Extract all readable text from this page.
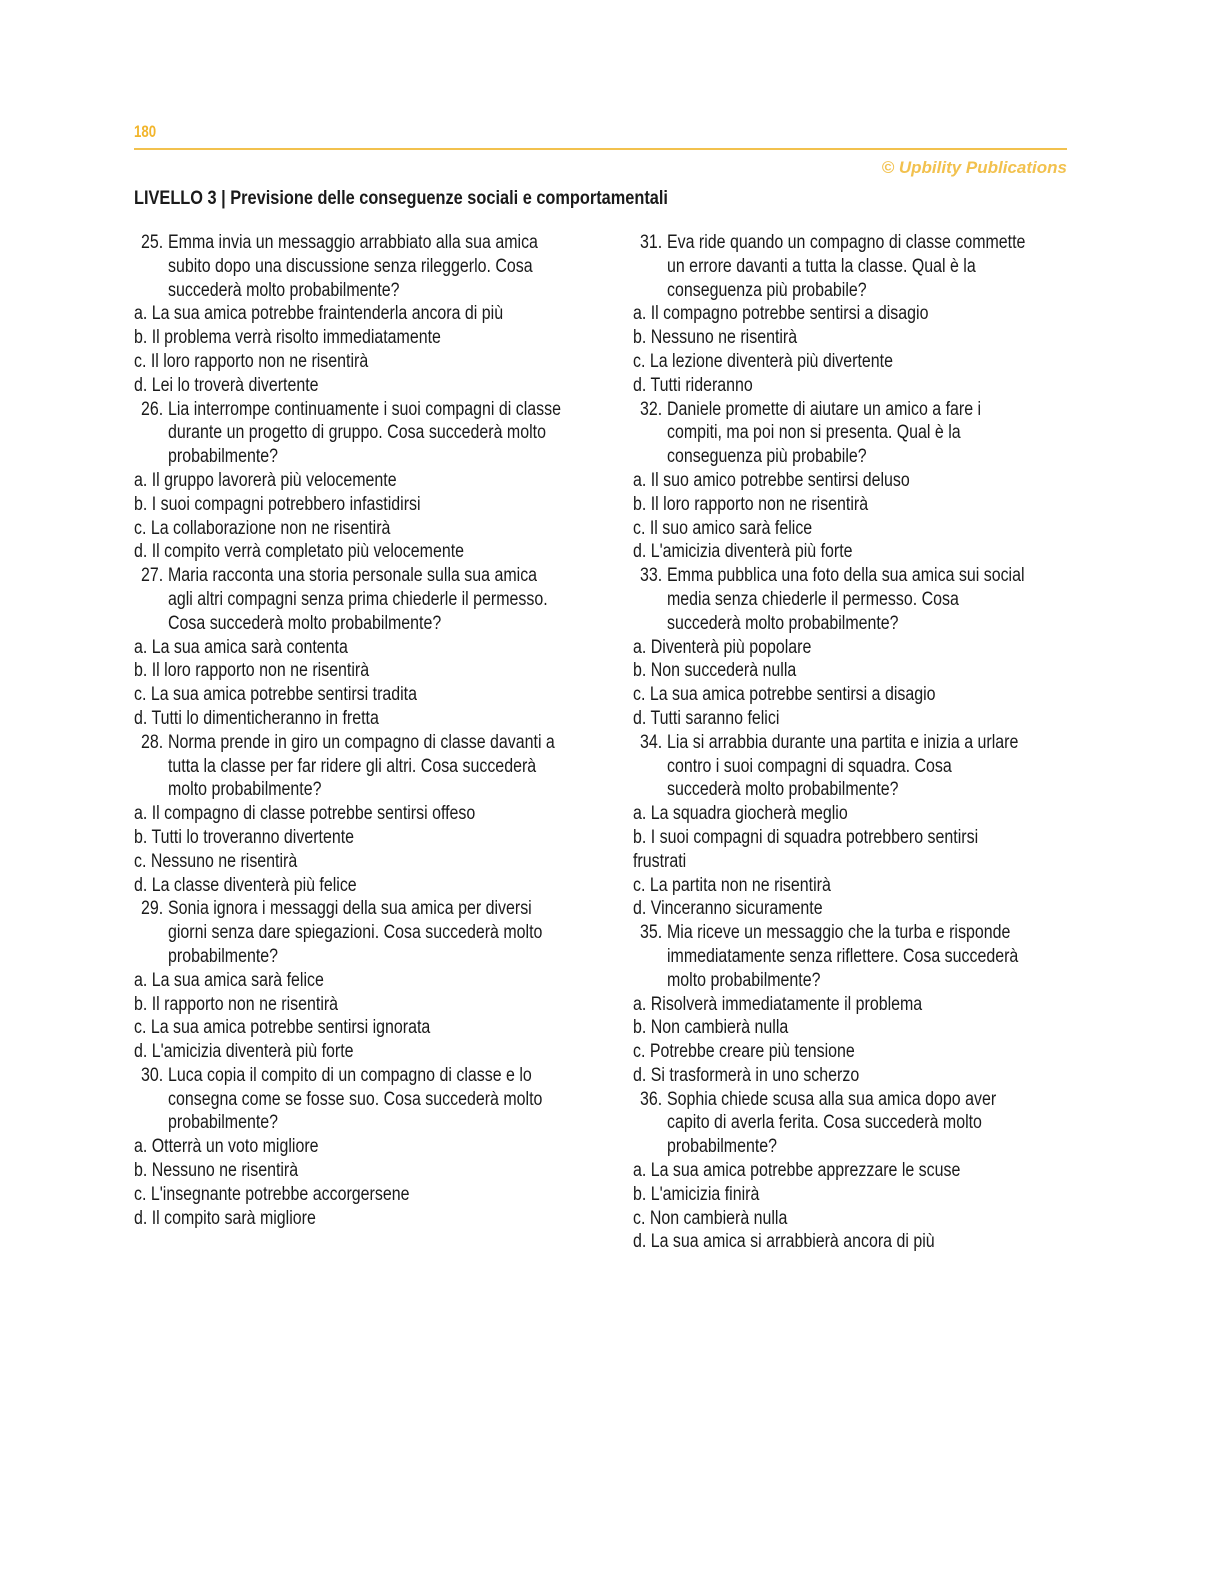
180
© Upbility Publications
LIVELLO 3 | Previsione delle conseguenze sociali e comportamentali
25. Emma invia un messaggio arrabbiato alla sua amica
subito dopo una discussione senza rileggerlo. Cosa
succederà molto probabilmente?
a. La sua amica potrebbe fraintenderla ancora di più
b. Il problema verrà risolto immediatamente
c. Il loro rapporto non ne risentirà
d. Lei lo troverà divertente
26. Lia interrompe continuamente i suoi compagni di classe
durante un progetto di gruppo. Cosa succederà molto
probabilmente?
a. Il gruppo lavorerà più velocemente
b. I suoi compagni potrebbero infastidirsi
c. La collaborazione non ne risentirà
d. Il compito verrà completato più velocemente
27. Maria racconta una storia personale sulla sua amica
agli altri compagni senza prima chiederle il permesso.
Cosa succederà molto probabilmente?
a. La sua amica sarà contenta
b. Il loro rapporto non ne risentirà
c. La sua amica potrebbe sentirsi tradita
d. Tutti lo dimenticheranno in fretta
28. Norma prende in giro un compagno di classe davanti a
tutta la classe per far ridere gli altri. Cosa succederà
molto probabilmente?
a. Il compagno di classe potrebbe sentirsi offeso
b. Tutti lo troveranno divertente
c. Nessuno ne risentirà
d. La classe diventerà più felice
29. Sonia ignora i messaggi della sua amica per diversi
giorni senza dare spiegazioni. Cosa succederà molto
probabilmente?
a. La sua amica sarà felice
b. Il rapporto non ne risentirà
c. La sua amica potrebbe sentirsi ignorata
d. L'amicizia diventerà più forte
30. Luca copia il compito di un compagno di classe e lo
consegna come se fosse suo. Cosa succederà molto
probabilmente?
a. Otterrà un voto migliore
b. Nessuno ne risentirà
c. L'insegnante potrebbe accorgersene
d. Il compito sarà migliore
31. Eva ride quando un compagno di classe commette
un errore davanti a tutta la classe. Qual è la
conseguenza più probabile?
a. Il compagno potrebbe sentirsi a disagio
b. Nessuno ne risentirà
c. La lezione diventerà più divertente
d. Tutti rideranno
32. Daniele promette di aiutare un amico a fare i
compiti, ma poi non si presenta. Qual è la
conseguenza più probabile?
a. Il suo amico potrebbe sentirsi deluso
b. Il loro rapporto non ne risentirà
c. Il suo amico sarà felice
d. L'amicizia diventerà più forte
33. Emma pubblica una foto della sua amica sui social
media senza chiederle il permesso. Cosa
succederà molto probabilmente?
a. Diventerà più popolare
b. Non succederà nulla
c. La sua amica potrebbe sentirsi a disagio
d. Tutti saranno felici
34. Lia si arrabbia durante una partita e inizia a urlare
contro i suoi compagni di squadra. Cosa
succederà molto probabilmente?
a. La squadra giocherà meglio
b. I suoi compagni di squadra potrebbero sentirsi
frustrati
c. La partita non ne risentirà
d. Vinceranno sicuramente
35. Mia riceve un messaggio che la turba e risponde
immediatamente senza riflettere. Cosa succederà
molto probabilmente?
a. Risolverà immediatamente il problema
b. Non cambierà nulla
c. Potrebbe creare più tensione
d. Si trasformerà in uno scherzo
36. Sophia chiede scusa alla sua amica dopo aver
capito di averla ferita. Cosa succederà molto
probabilmente?
a. La sua amica potrebbe apprezzare le scuse
b. L'amicizia finirà
c. Non cambierà nulla
d. La sua amica si arrabbierà ancora di più
